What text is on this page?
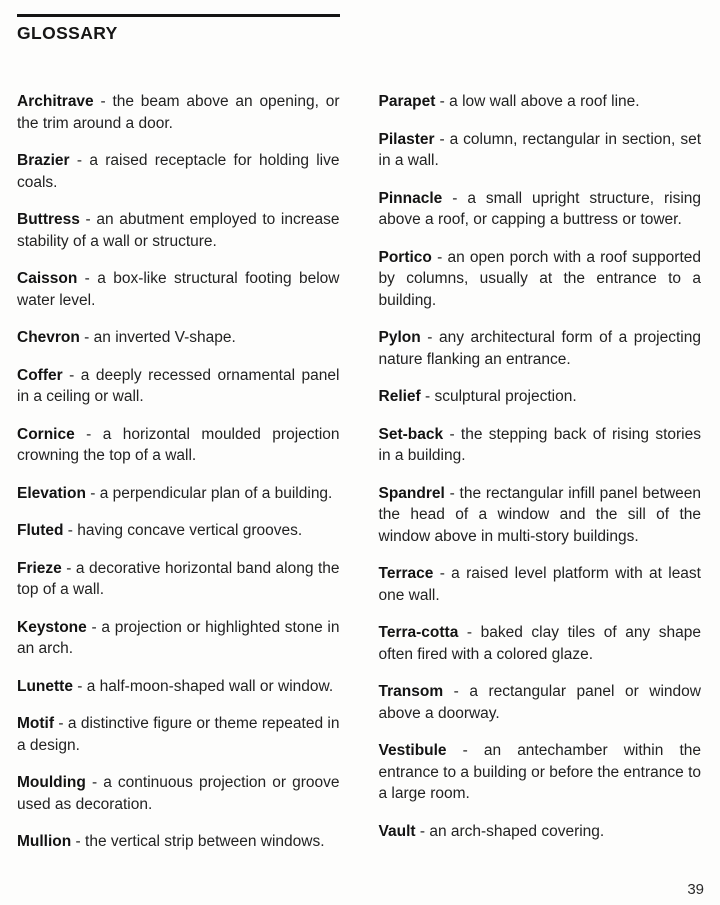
GLOSSARY

Architrave - the beam above an opening, or the trim around a door.

Brazier - a raised receptacle for holding live coals.

Buttress - an abutment employed to increase stability of a wall or structure.

Caisson - a box-like structural footing below water level.

Chevron - an inverted V-shape.

Coffer - a deeply recessed ornamental panel in a ceiling or wall.

Cornice - a horizontal moulded projection crowning the top of a wall.

Elevation - a perpendicular plan of a building.

Fluted - having concave vertical grooves.

Frieze - a decorative horizontal band along the top of a wall.

Keystone - a projection or highlighted stone in an arch.

Lunette - a half-moon-shaped wall or window.

Motif - a distinctive figure or theme repeated in a design.

Moulding - a continuous projection or groove used as decoration.

Mullion - the vertical strip between windows.

Parapet - a low wall above a roof line.

Pilaster - a column, rectangular in section, set in a wall.

Pinnacle - a small upright structure, rising above a roof, or capping a buttress or tower.

Portico - an open porch with a roof supported by columns, usually at the entrance to a building.

Pylon - any architectural form of a projecting nature flanking an entrance.

Relief - sculptural projection.

Set-back - the stepping back of rising stories in a building.

Spandrel - the rectangular infill panel between the head of a window and the sill of the window above in multi-story buildings.

Terrace - a raised level platform with at least one wall.

Terra-cotta - baked clay tiles of any shape often fired with a colored glaze.

Transom - a rectangular panel or window above a doorway.

Vestibule - an antechamber within the entrance to a building or before the entrance to a large room.

Vault - an arch-shaped covering.

39
